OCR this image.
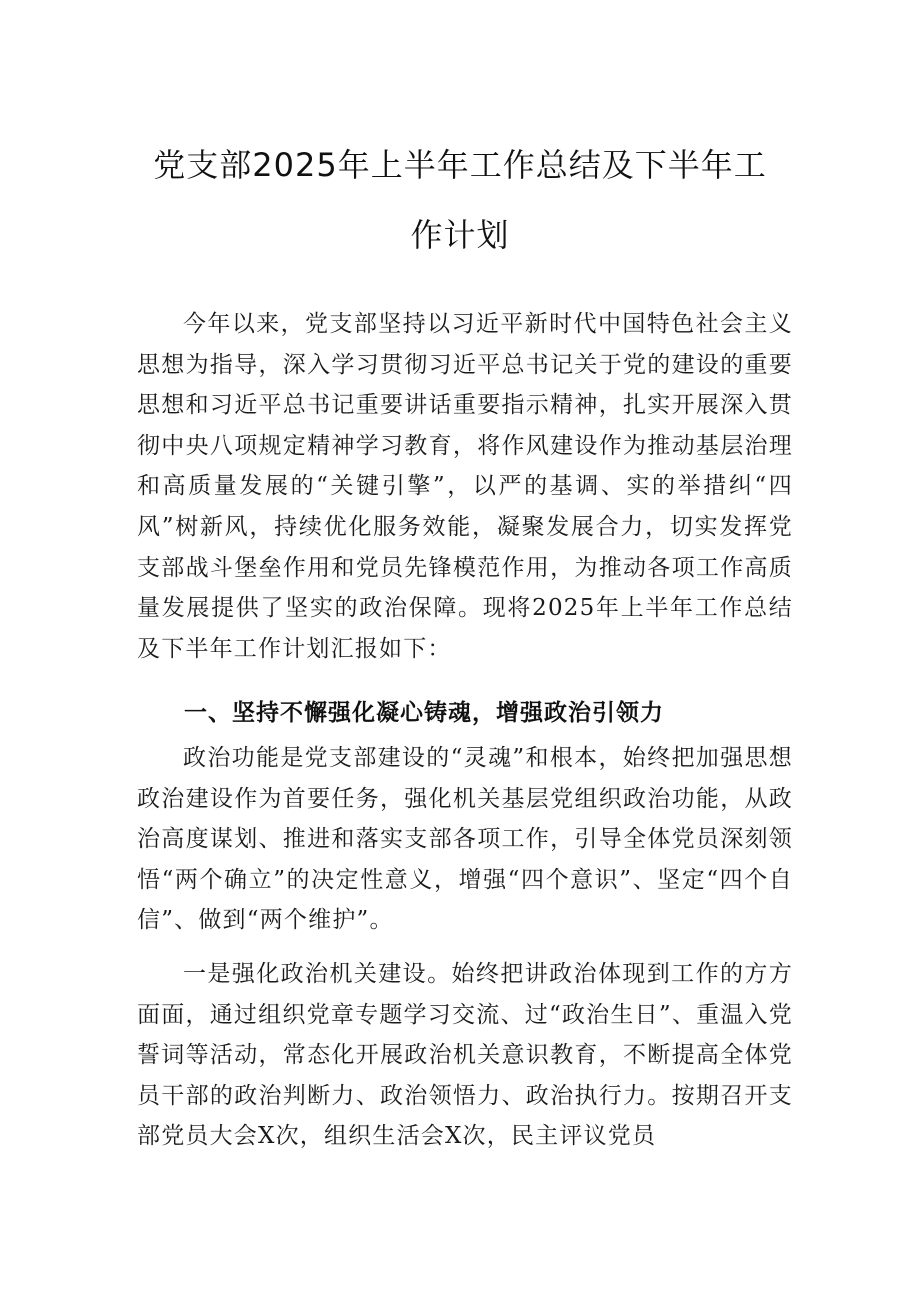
党支部2025年上半年工作总结及下半年工
作计划

今年以来，党支部坚持以习近平新时代中国特色社会主义思想为指导，深入学习贯彻习近平总书记关于党的建设的重要思想和习近平总书记重要讲话重要指示精神，扎实开展深入贯彻中央八项规定精神学习教育，将作风建设作为推动基层治理和高质量发展的“关键引擎”，以严的基调、实的举措纠“四风”树新风，持续优化服务效能，凝聚发展合力，切实发挥党支部战斗堡垒作用和党员先锋模范作用，为推动各项工作高质量发展提供了坚实的政治保障。现将2025年上半年工作总结及下半年工作计划汇报如下：

一、坚持不懈强化凝心铸魂，增强政治引领力

政治功能是党支部建设的“灵魂”和根本，始终把加强思想政治建设作为首要任务，强化机关基层党组织政治功能，从政治高度谋划、推进和落实支部各项工作，引导全体党员深刻领悟“两个确立”的决定性意义，增强“四个意识”、坚定“四个自信”、做到“两个维护”。

一是强化政治机关建设。始终把讲政治体现到工作的方方面面，通过组织党章专题学习交流、过“政治生日”、重温入党誓词等活动，常态化开展政治机关意识教育，不断提高全体党员干部的政治判断力、政治领悟力、政治执行力。按期召开支部党员大会X次，组织生活会X次，民主评议党员
